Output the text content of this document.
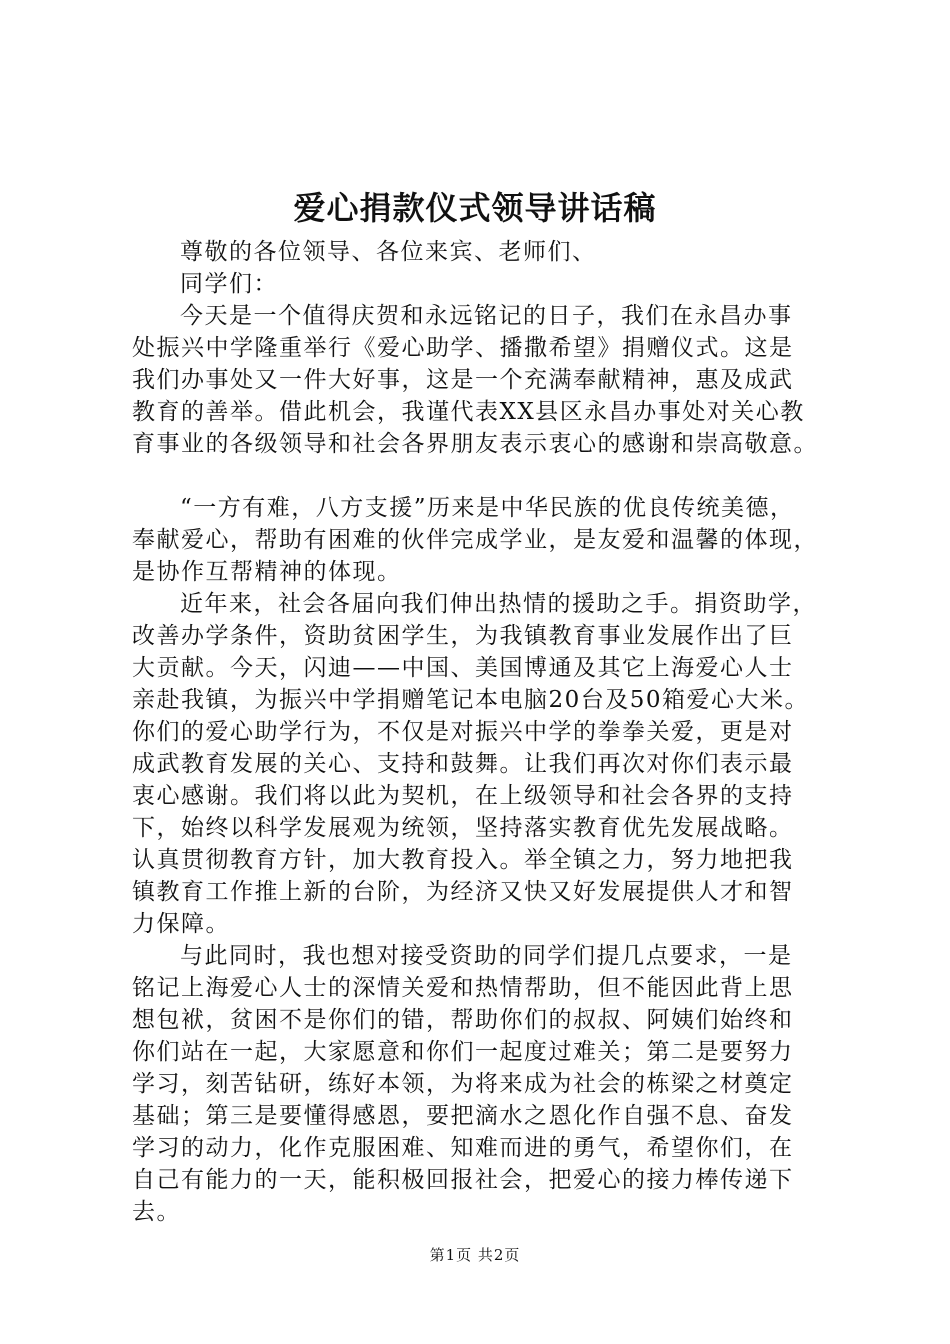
爱心捐款仪式领导讲话稿
尊敬的各位领导、各位来宾、老师们、
同学们：
今天是一个值得庆贺和永远铭记的日子，我们在永昌办事
处振兴中学隆重举行《爱心助学、播撒希望》捐赠仪式。这是
我们办事处又一件大好事，这是一个充满奉献精神，惠及成武
教育的善举。借此机会，我谨代表XX县区永昌办事处对关心教
育事业的各级领导和社会各界朋友表示衷心的感谢和崇高敬意。
“一方有难，八方支援”历来是中华民族的优良传统美德，
奉献爱心，帮助有困难的伙伴完成学业，是友爱和温馨的体现，
是协作互帮精神的体现。
近年来，社会各届向我们伸出热情的援助之手。捐资助学，
改善办学条件，资助贫困学生，为我镇教育事业发展作出了巨
大贡献。今天，闪迪——中国、美国博通及其它上海爱心人士
亲赴我镇，为振兴中学捐赠笔记本电脑20台及50箱爱心大米。
你们的爱心助学行为，不仅是对振兴中学的拳拳关爱，更是对
成武教育发展的关心、支持和鼓舞。让我们再次对你们表示最
衷心感谢。我们将以此为契机，在上级领导和社会各界的支持
下，始终以科学发展观为统领，坚持落实教育优先发展战略。
认真贯彻教育方针，加大教育投入。举全镇之力，努力地把我
镇教育工作推上新的台阶，为经济又快又好发展提供人才和智
力保障。
与此同时，我也想对接受资助的同学们提几点要求，一是
铭记上海爱心人士的深情关爱和热情帮助，但不能因此背上思
想包袱，贫困不是你们的错，帮助你们的叔叔、阿姨们始终和
你们站在一起，大家愿意和你们一起度过难关；第二是要努力
学习，刻苦钻研，练好本领，为将来成为社会的栋梁之材奠定
基础；第三是要懂得感恩，要把滴水之恩化作自强不息、奋发
学习的动力，化作克服困难、知难而进的勇气，希望你们，在
自己有能力的一天，能积极回报社会，把爱心的接力棒传递下
去。
第1页 共2页
